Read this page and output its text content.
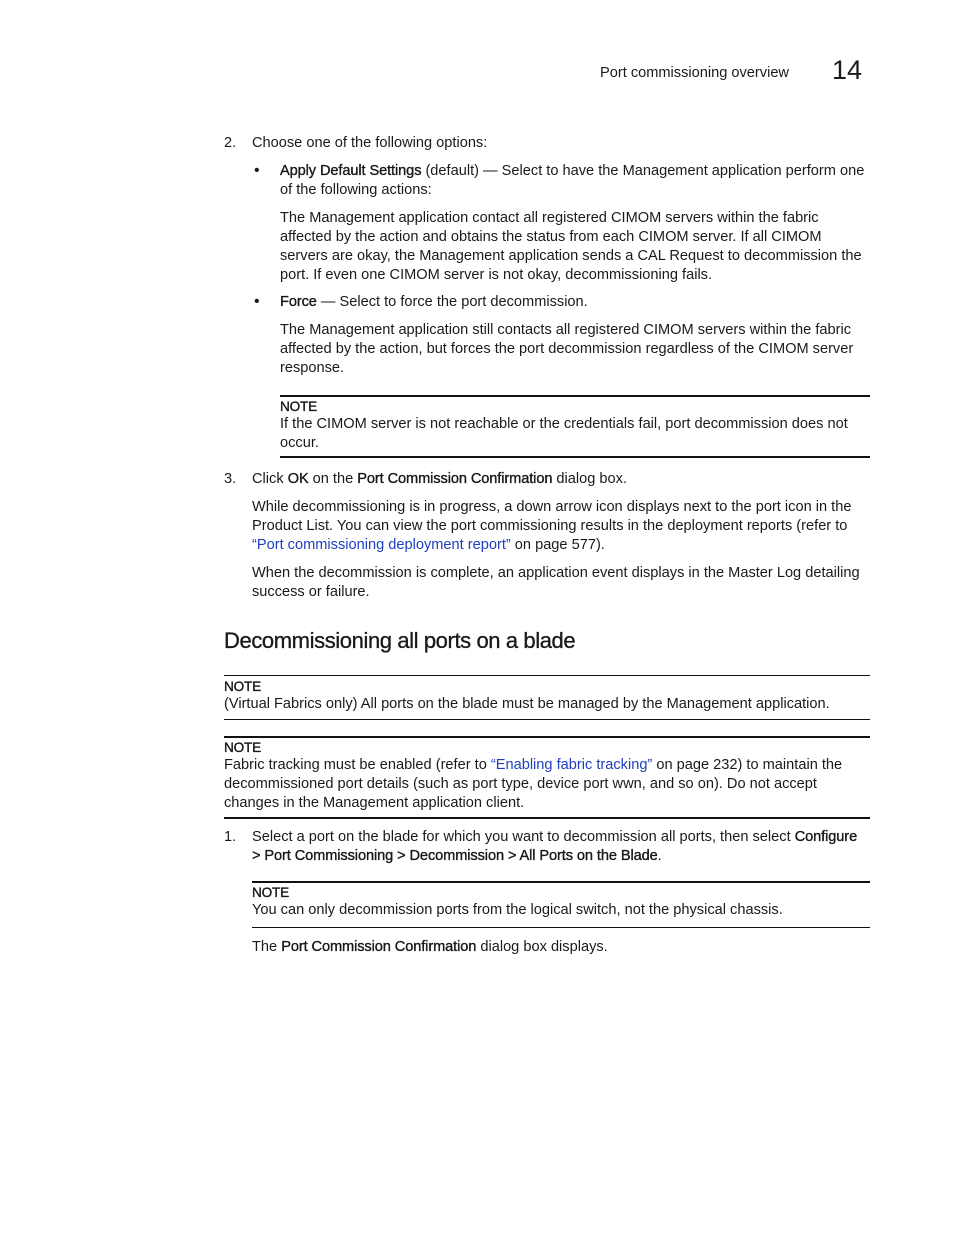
Port commissioning overview 14
2. Choose one of the following options:
• Apply Default Settings (default) — Select to have the Management application perform one

of the following actions:

The Management application contact all registered CIMOM servers within the fabric

affected by the action and obtains the status from each CIMOM server. If all CIMOM

servers are okay, the Management application sends a CAL Request to decommission the

port. If even one CIMOM server is not okay, decommissioning fails.

• Force — Select to force the port decommission.

The Management application still contacts all registered CIMOM servers within the fabric

affected by the action, but forces the port decommission regardless of the CIMOM server

response.

NOTE

If the CIMOM server is not reachable or the credentials fail, port decommission does not

occur.

3. Click OK on the Port Commission Confirmation dialog box.

While decommissioning is in progress, a down arrow icon displays next to the port icon in the

Product List. You can view the port commissioning results in the deployment reports (refer to

“Port commissioning deployment report” on page 577).

When the decommission is complete, an application event displays in the Master Log detailing

success or failure.

Decommissioning all ports on a blade

NOTE

(Virtual Fabrics only) All ports on the blade must be managed by the Management application.

NOTE

Fabric tracking must be enabled (refer to “Enabling fabric tracking” on page 232) to maintain the

decommissioned port details (such as port type, device port wwn, and so on). Do not accept

changes in the Management application client.

1. Select a port on the blade for which you want to decommission all ports, then select Configure

> Port Commissioning > Decommission > All Ports on the Blade.

NOTE

You can only decommission ports from the logical switch, not the physical chassis.

The Port Commission Confirmation dialog box displays.
